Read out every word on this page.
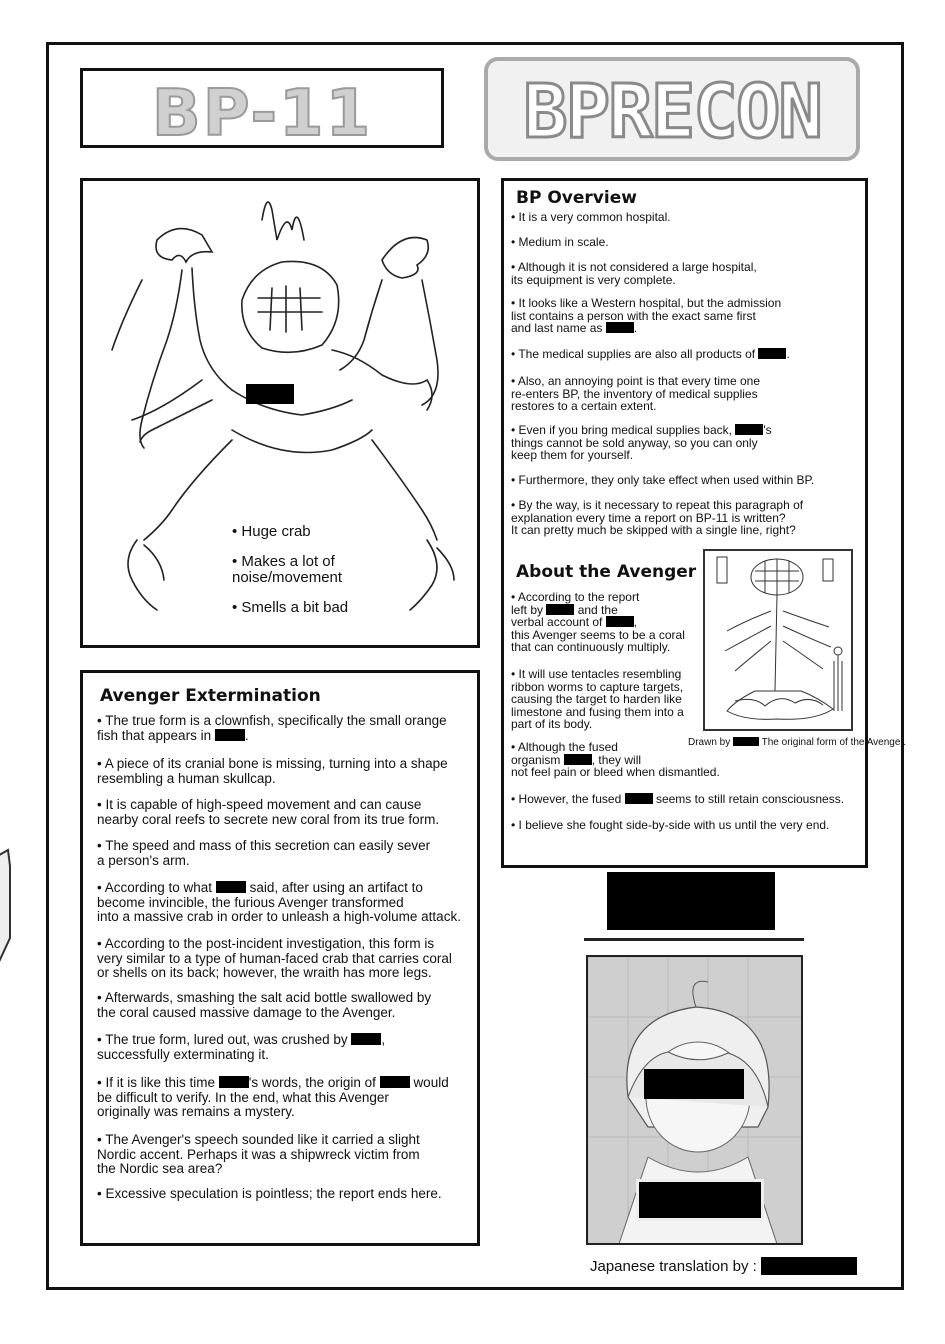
BP-11	BPRECON
• Huge crab
• Makes a lot of noise/movement
• Smells a bit bad
BP Overview
• It is a very common hospital.
• Medium in scale.
• Although it is not considered a large hospital,
its equipment is very complete.
• It looks like a Western hospital, but the admission
list contains a person with the exact same first
and last name as	.
• The medical supplies are also all products of	.
• Also, an annoying point is that every time one
re-enters BP, the inventory of medical supplies
restores to a certain extent.
• Even if you bring medical supplies back,	's
things cannot be sold anyway, so you can only
keep them for yourself.
• Furthermore, they only take effect when used within BP.
• By the way, is it necessary to repeat this paragraph of
explanation every time a report on BP-11 is written?
It can pretty much be skipped with a single line, right?
About the Avenger
• According to the report
left by	and the
verbal account of	,
this Avenger seems to be a coral
that can continuously multiply.
• It will use tentacles resembling
ribbon worms to capture targets,
causing the target to harden like
limestone and fusing them into a
part of its body.
• Although the fused
organism	, they will
not feel pain or bleed when dismantled.
• However, the fused	seems to still retain consciousness.
• I believe she fought side-by-side with us until the very end.
Drawn by	The original form of the Avenger.
Japanese translation by :
Avenger Extermination
• The true form is a clownfish, specifically the small orange
fish that appears in	.
• A piece of its cranial bone is missing, turning into a shape
resembling a human skullcap.
• It is capable of high-speed movement and can cause
nearby coral reefs to secrete new coral from its true form.
• The speed and mass of this secretion can easily sever
a person's arm.
• According to what	said, after using an artifact to
become invincible, the furious Avenger transformed
into a massive crab in order to unleash a high-volume attack.
• According to the post-incident investigation, this form is
very similar to a type of human-faced crab that carries coral
or shells on its back; however, the wraith has more legs.
• Afterwards, smashing the salt acid bottle swallowed by
the coral caused massive damage to the Avenger.
• The true form, lured out, was crushed by	,
successfully exterminating it.
• If it is like this time	's words, the origin of	would
be difficult to verify. In the end, what this Avenger
originally was remains a mystery.
• The Avenger's speech sounded like it carried a slight
Nordic accent. Perhaps it was a shipwreck victim from
the Nordic sea area?
• Excessive speculation is pointless; the report ends here.
